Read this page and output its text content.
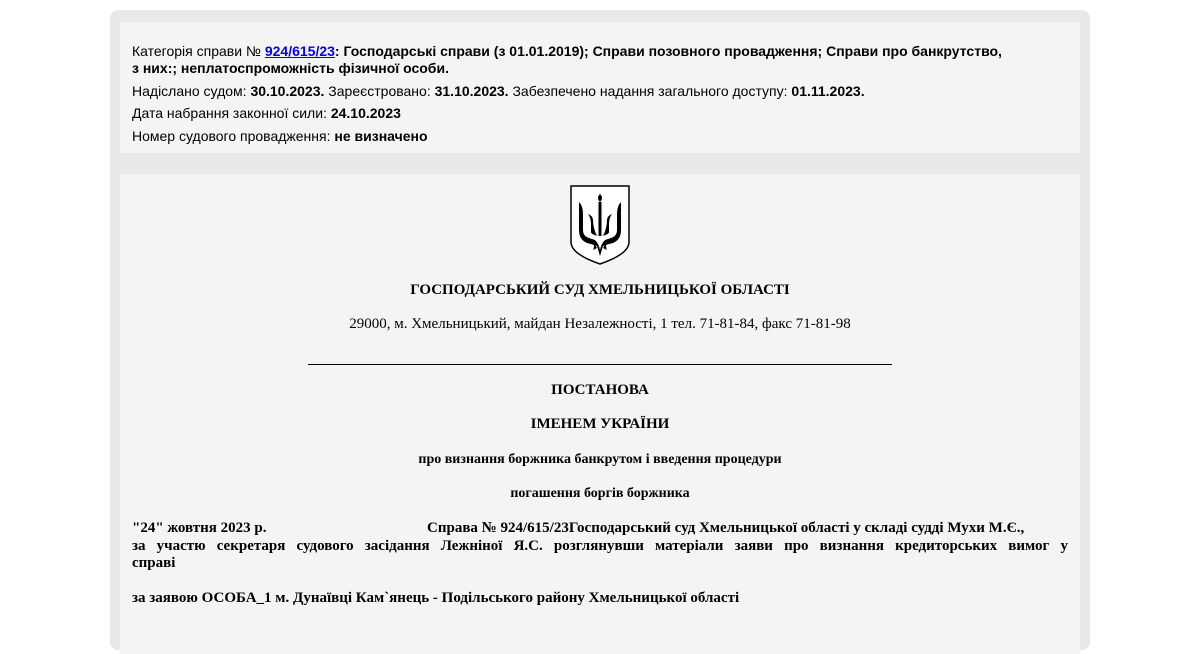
Категорія справи № 924/615/23: Господарські справи (з 01.01.2019); Справи позовного провадження; Справи про банкрутство,
з них:; неплатоспроможність фізичної особи.
Надіслано судом: 30.10.2023. Зареєстровано: 31.10.2023. Забезпечено надання загального доступу: 01.11.2023.
Дата набрання законної сили: 24.10.2023
Номер судового провадження: не визначено
ГОСПОДАРСЬКИЙ СУД ХМЕЛЬНИЦЬКОЇ ОБЛАСТІ
29000, м. Хмельницький, майдан Незалежності, 1 тел. 71-81-84, факс 71-81-98
ПОСТАНОВА
ІМЕНЕМ УКРАЇНИ
про визнання боржника банкрутом і введення процедури
погашення боргів боржника
"24" жовтня 2023 р.	Справа № 924/615/23Господарський суд Хмельницької області у складі судді Мухи М.Є.,
за участю секретаря судового засідання Лежніної Я.С. розглянувши матеріали заяви про визнання кредиторських вимог у
справі
за заявою ОСОБА_1 м. Дунаївці Кам`янець - Подільського району Хмельницької області
